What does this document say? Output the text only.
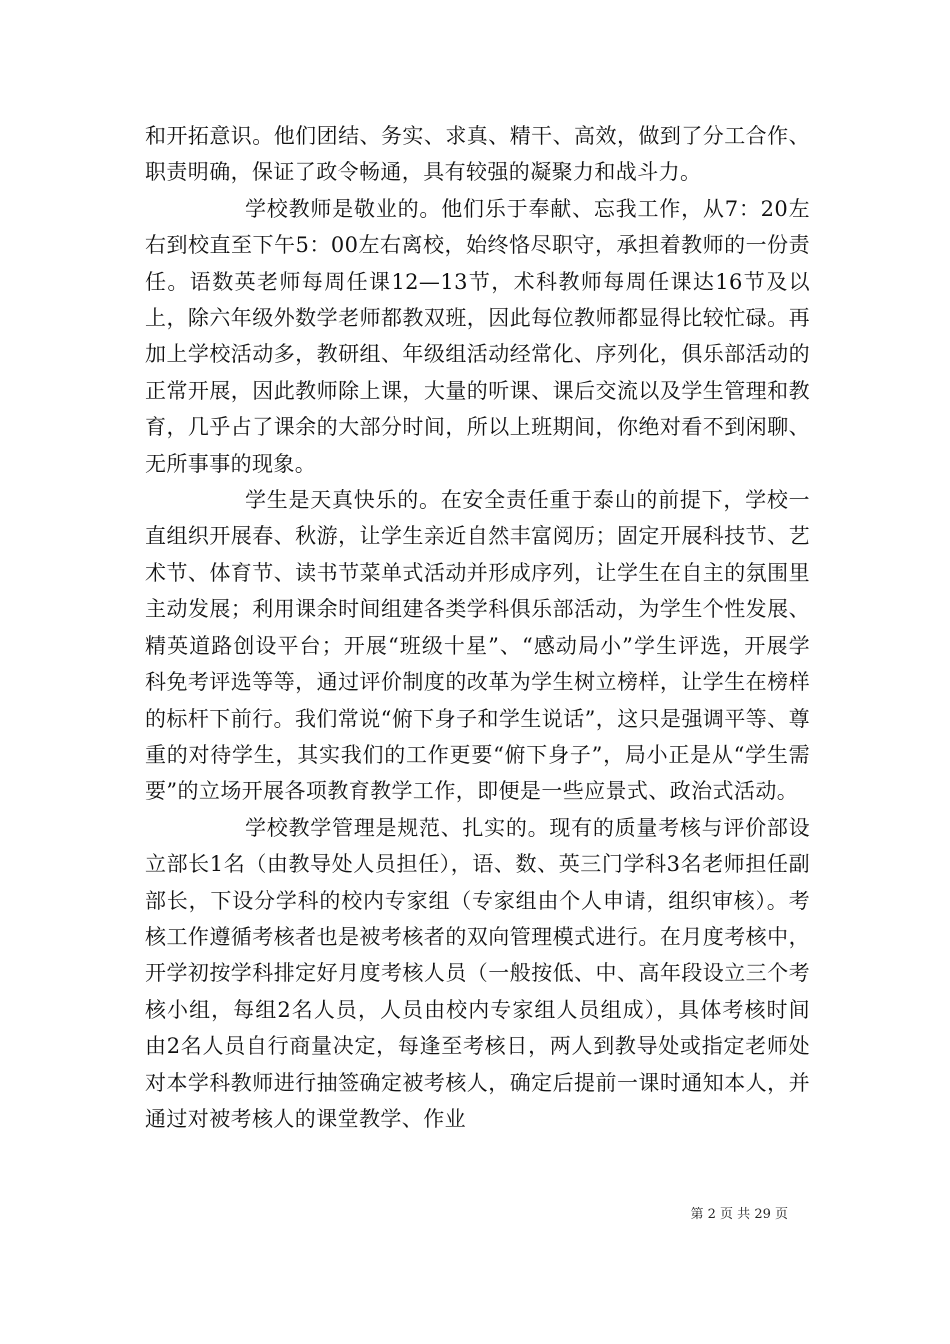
和开拓意识。他们团结、务实、求真、精干、高效，做到了分工合作、职责明确，保证了政令畅通，具有较强的凝聚力和战斗力。

学校教师是敬业的。他们乐于奉献、忘我工作，从7：20左右到校直至下午5：00左右离校，始终恪尽职守，承担着教师的一份责任。语数英老师每周任课12—13节，术科教师每周任课达16节及以上，除六年级外数学老师都教双班，因此每位教师都显得比较忙碌。再加上学校活动多，教研组、年级组活动经常化、序列化，俱乐部活动的正常开展，因此教师除上课，大量的听课、课后交流以及学生管理和教育，几乎占了课余的大部分时间，所以上班期间，你绝对看不到闲聊、无所事事的现象。

学生是天真快乐的。在安全责任重于泰山的前提下，学校一直组织开展春、秋游，让学生亲近自然丰富阅历；固定开展科技节、艺术节、体育节、读书节菜单式活动并形成序列，让学生在自主的氛围里主动发展；利用课余时间组建各类学科俱乐部活动，为学生个性发展、精英道路创设平台；开展“班级十星”、“感动局小”学生评选，开展学科免考评选等等，通过评价制度的改革为学生树立榜样，让学生在榜样的标杆下前行。我们常说“俯下身子和学生说话”，这只是强调平等、尊重的对待学生，其实我们的工作更要“俯下身子”，局小正是从“学生需要”的立场开展各项教育教学工作，即便是一些应景式、政治式活动。

学校教学管理是规范、扎实的。现有的质量考核与评价部设立部长1名（由教导处人员担任），语、数、英三门学科3名老师担任副部长，下设分学科的校内专家组（专家组由个人申请，组织审核）。考核工作遵循考核者也是被考核者的双向管理模式进行。在月度考核中，开学初按学科排定好月度考核人员（一般按低、中、高年段设立三个考核小组，每组2名人员，人员由校内专家组人员组成），具体考核时间由2名人员自行商量决定，每逢至考核日，两人到教导处或指定老师处对本学科教师进行抽签确定被考核人，确定后提前一课时通知本人，并通过对被考核人的课堂教学、作业

第 2 页 共 29 页
